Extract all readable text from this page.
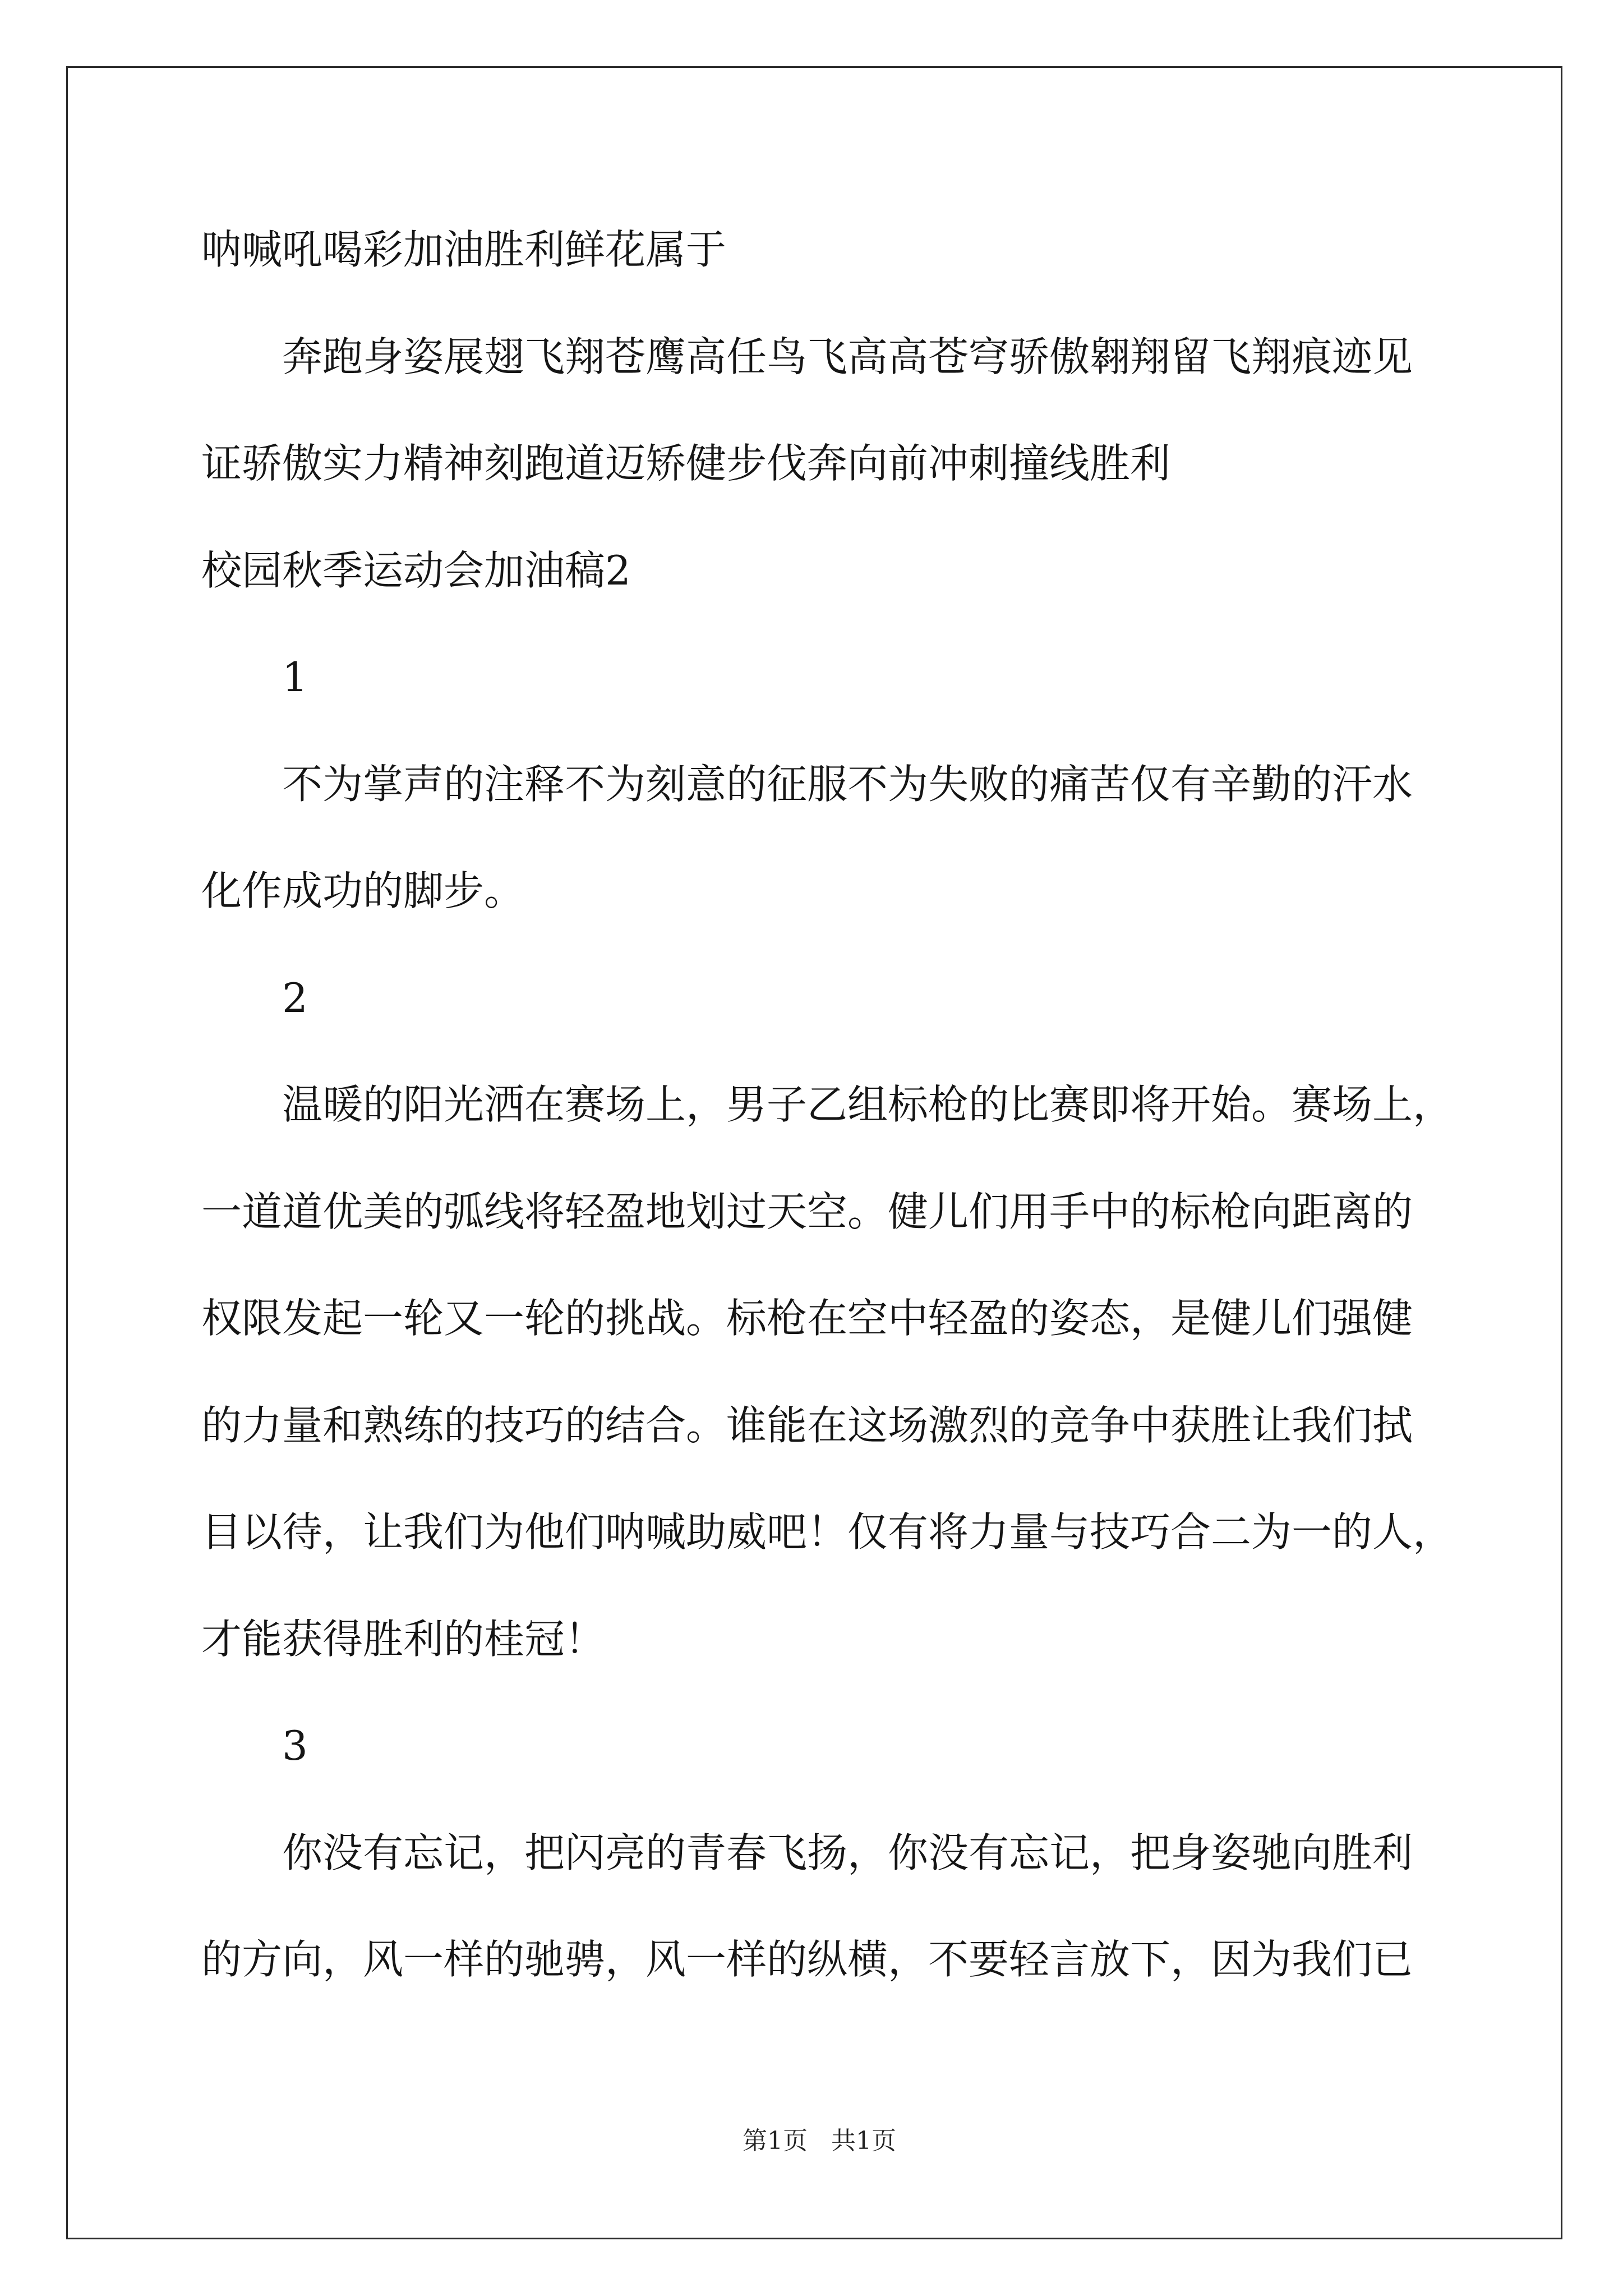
呐喊吼喝彩加油胜利鲜花属于
奔跑身姿展翅飞翔苍鹰高任鸟飞高高苍穹骄傲翱翔留飞翔痕迹见
证骄傲实力精神刻跑道迈矫健步伐奔向前冲刺撞线胜利
校园秋季运动会加油稿2
1
不为掌声的注释不为刻意的征服不为失败的痛苦仅有辛勤的汗水
化作成功的脚步。
2
温暖的阳光洒在赛场上，男子乙组标枪的比赛即将开始。赛场上，
一道道优美的弧线将轻盈地划过天空。健儿们用手中的标枪向距离的
权限发起一轮又一轮的挑战。标枪在空中轻盈的姿态，是健儿们强健
的力量和熟练的技巧的结合。谁能在这场激烈的竞争中获胜让我们拭
目以待，让我们为他们呐喊助威吧！仅有将力量与技巧合二为一的人，
才能获得胜利的桂冠！
3
你没有忘记，把闪亮的青春飞扬，你没有忘记，把身姿驰向胜利
的方向，风一样的驰骋，风一样的纵横，不要轻言放下，因为我们已

第1页   共1页
